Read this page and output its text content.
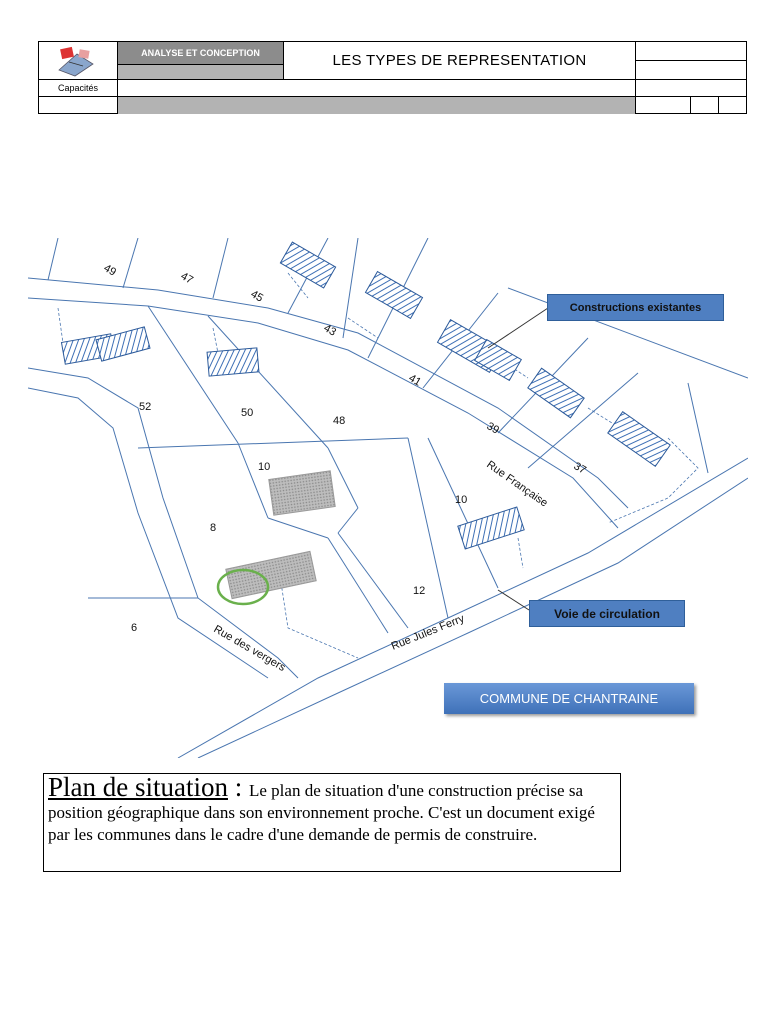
ANALYSE ET CONCEPTION	LES TYPES DE REPRESENTATION
Capacités
49	47
45
43
41
39
37
52	50
48
10
8
10
12
6
Rue Française
Rue Jules Ferry
Rue des vergers
Constructions existantes
Voie de circulation
COMMUNE DE CHANTRAINE
Plan de situation : Le plan de situation d'une construction précise sa position géographique dans son environnement proche. C'est un document exigé par les communes dans le cadre d'une demande de permis de construire.
